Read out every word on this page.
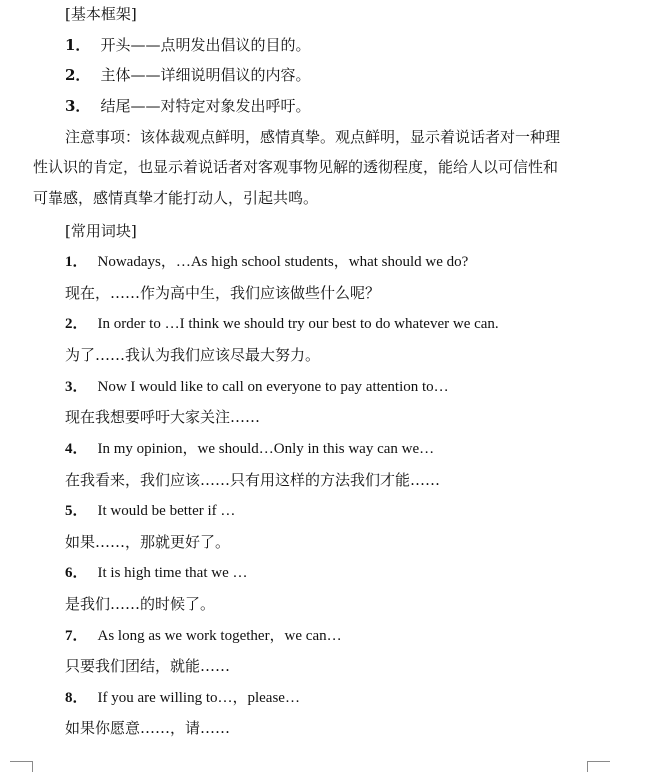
[基本框架]
1． 开头——点明发出倡议的目的。
2． 主体——详细说明倡议的内容。
3． 结尾——对特定对象发出呼吁。
注意事项：该体裁观点鲜明，感情真挚。观点鲜明，显示着说话者对一种理
性认识的肯定，也显示着说话者对客观事物见解的透彻程度，能给人以可信性和
可靠感，感情真挚才能打动人，引起共鸣。
[常用词块]
1． Nowadays，…As high school students，what should we do?
现在，……作为高中生，我们应该做些什么呢？
2． In order to …I think we should try our best to do whatever we can.
为了……我认为我们应该尽最大努力。
3． Now I would like to call on everyone to pay attention to…
现在我想要呼吁大家关注……
4． In my opinion，we should…Only in this way can we…
在我看来，我们应该……只有用这样的方法我们才能……
5． It would be better if …
如果……，那就更好了。
6． It is high time that we …
是我们……的时候了。
7． As long as we work together，we can…
只要我们团结，就能……
8． If you are willing to…，please…
如果你愿意……，请……
